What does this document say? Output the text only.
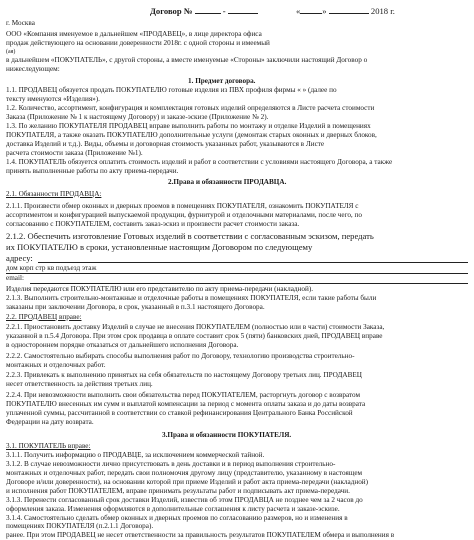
Договор №	-	«	»	2018 г.
г. Москва
ООО «Компания именуемое в дальнейшем «ПРОДАВЕЦ», в лице директора офиса
продаж действующего на основании доверенности 2018г. с одной стороны и имеемый
(ая)
в дальнейшем «ПОКУПАТЕЛЬ», с другой стороны, а вместе именуемые «Стороны» заключили настоящий Договор о
нижеследующем:
1. Предмет договора.
1.1. ПРОДАВЕЦ обязуется продать ПОКУПАТЕЛЮ готовые изделия из ПВХ профиля фирмы « » (далее по
тексту именуются «Изделия»).
1.2. Количество, ассортимент, конфигурация и комплектация готовых изделий определяются в Листе расчета стоимости
Заказа (Приложение № 1 к настоящему Договору) и заказе-эскизе (Приложение № 2).
1.3. По желанию ПОКУПАТЕЛЯ ПРОДАВЕЦ вправе выполнить работы по монтажу и отделке Изделий в помещениях
ПОКУПАТЕЛЯ, а также оказать ПОКУПАТЕЛЮ дополнительные услуги (демонтаж старых оконных и дверных блоков,
доставка Изделий и т.д.). Виды, объемы и договорная стоимость указанных работ, указываются в Листе
расчета стоимости заказа (Приложение №1).
1.4. ПОКУПАТЕЛЬ обязуется оплатить стоимость изделий и работ в соответствии с условиями настоящего Договора, а также
принять выполненные работы по акту приема-передачи.
2.Права и обязанности ПРОДАВЦА.
2.1. Обязанности ПРОДАВЦА:
2.1.1. Произвести обмер оконных и дверных проемов в помещениях ПОКУПАТЕЛЯ, ознакомить ПОКУПАТЕЛЯ с
ассортиментом и конфигурацией выпускаемой продукции, фурнитурой и отделочными материалами, после чего, по
согласованию с ПОКУПАТЕЛЕМ, составить заказ-эскиз и произвести расчет стоимости заказа.
2.1.2. Обеспечить изготовление Готовых изделий в соответствии с согласованным эскизом, передать
их ПОКУПАТЕЛЮ в сроки, установленные настоящим Договором по следующему
адресу:
дом корп стр кв подъезд этаж
email:
Изделия передаются ПОКУПАТЕЛЮ или его представителю по акту приема-передачи (накладной).
2.1.3. Выполнить строительно-монтажные и отделочные работы в помещениях ПОКУПАТЕЛЯ, если такие работы были
заказаны при заключении Договора, в срок, указанный в п.3.1 настоящего Договора.
2.2. ПРОДАВЕЦ вправе:
2.2.1. Приостановить доставку Изделий в случае не внесения ПОКУПАТЕЛЕМ (полностью или в части) стоимости Заказа,
указанной в п.5.4 Договора. При этом срок продавца в оплате составит срок 5 (пяти) банковских дней, ПРОДАВЕЦ вправе
в одностороннем порядке отказаться от дальнейшего исполнения Договора.
2.2.2. Самостоятельно выбирать способы выполнения работ по Договору, технологию производства строительно-
монтажных и отделочных работ.
2.2.3. Привлекать к выполнению принятых на себя обязательств по настоящему Договору третьих лиц. ПРОДАВЕЦ
несет ответственность за действия третьих лиц.
2.2.4. При невозможности выполнить свои обязательства перед ПОКУПАТЕЛЕМ, расторгнуть договор с возвратом
ПОКУПАТЕЛЮ внесенных им сумм и выплатой компенсации за период с момента оплаты заказа и до даты возврата
уплаченной суммы, рассчитанной в соответствии со ставкой рефинансирования Центрального Банка Российской
Федерации на дату возврата.
3.Права и обязанности ПОКУПАТЕЛЯ.
3.1. ПОКУПАТЕЛЬ вправе:
3.1.1. Получить информацию о ПРОДАВЦЕ, за исключением коммерческой тайной.
3.1.2. В случае невозможности лично присутствовать в день доставки и в период выполнения строительно-
монтажных и отделочных работ, передать свои полномочия другому лицу (представителю, указанному в настоящем
Договоре и/или доверенности), на основании которой при приеме Изделий и работ акта приема-передачи (накладной)
и исполнения работ ПОКУПАТЕЛЕМ, вправе принимать результаты работ и подписывать акт приема-передачи.
3.1.3. Перенести согласованный срок доставки Изделий, известив об этом ПРОДАВЦА не позднее чем за 2 часов до
оформления заказа. Изменения оформляются в дополнительные соглашения к листу расчета и заказе-эскизе.
3.1.4. Самостоятельно сделать обмер оконных и дверных проемов по согласованию размеров, но и изменения в
помещениях ПОКУПАТЕЛЯ (п.2.1.1 Договора).
ранее. При этом ПРОДАВЕЦ не несет ответственности за правильность результатов ПОКУПАТЕЛЕМ обмера и выполнения в
